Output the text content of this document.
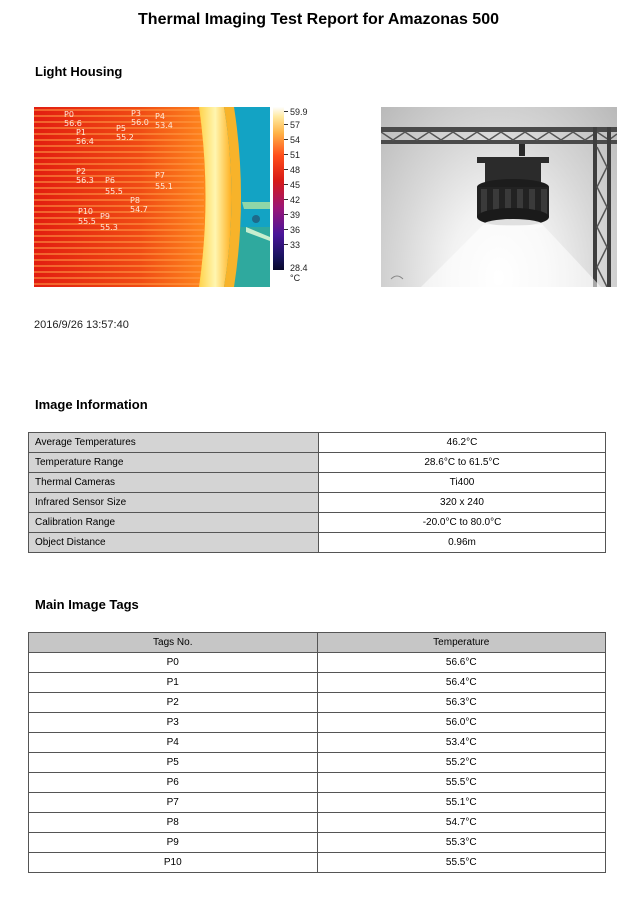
Thermal Imaging Test Report for Amazonas 500
Light Housing
P0
56.6
P1
56.4
P3
56.0
P4
53.4
P5
55.2
P2
56.3 P6
55.5
P7
55.1
P8
54.7
P10
55.5
P9
55.3
59.9
57
54
51
48
45
42
39
36
33
28.4
°C
2016/9/26 13:57:40
Image Information
Average Temperatures	46.2°C
Temperature Range	28.6°C to 61.5°C
Thermal Cameras	Ti400
Infrared Sensor Size	320 x 240
Calibration Range	-20.0°C to 80.0°C
Object Distance	0.96m
Main Image Tags
Tags No.	Temperature
P0	56.6°C
P1	56.4°C
P2	56.3°C
P3	56.0°C
P4	53.4°C
P5	55.2°C
P6	55.5°C
P7	55.1°C
P8	54.7°C
P9	55.3°C
P10	55.5°C
